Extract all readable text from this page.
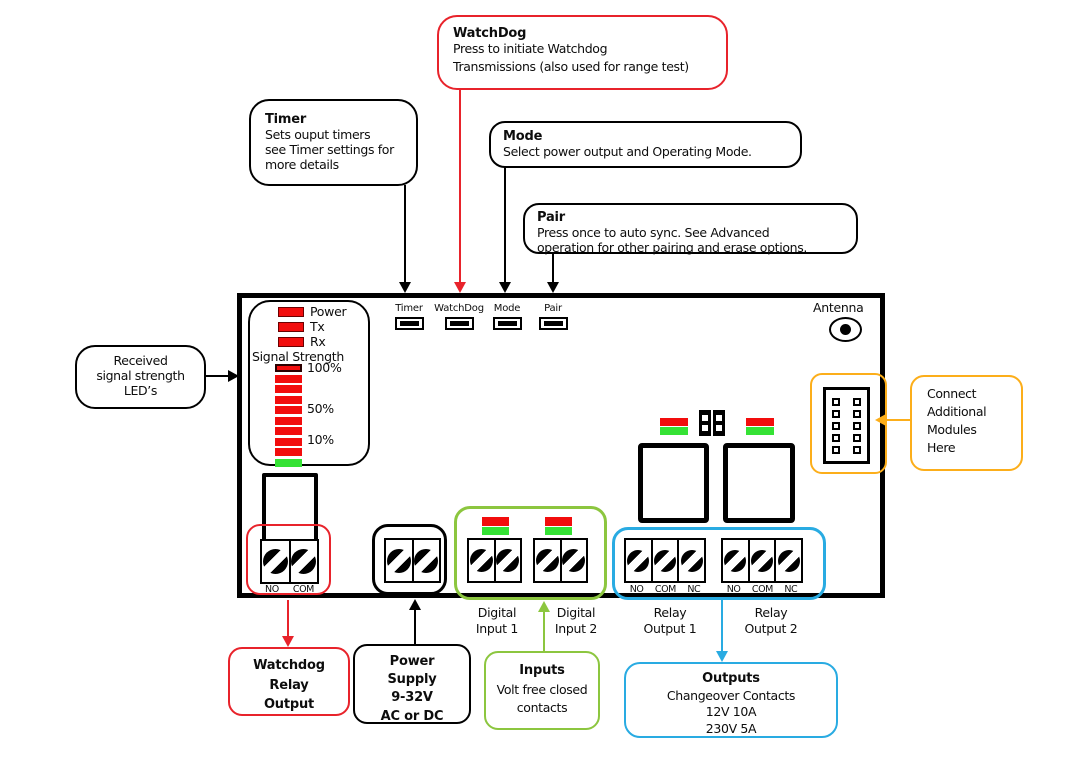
Power
Tx
Rx
Signal Strength
100%
50%
10%
Timer	WatchDog Mode	Pair	Antenna
NO COM	NO COM NC	NO COM NC
Digital
Input 1
Digital
Input 2
Relay
Output 1
Relay
Output 2
WatchDog
Press to initiate Watchdog
Transmissions (also used for range test)
Timer
Sets ouput timers
see Timer settings for
more details
Mode
Select power output and Operating Mode.
Pair
Press once to auto sync. See Advanced
operation for other pairing and erase options.
Received
signal strength
LED’s	Connect
Additional
Modules
Here
Watchdog
Relay
Output
Power
Supply
9-32V
AC or DC
Inputs
Volt free closed
contacts
Outputs
Changeover Contacts
12V 10A
230V 5A
